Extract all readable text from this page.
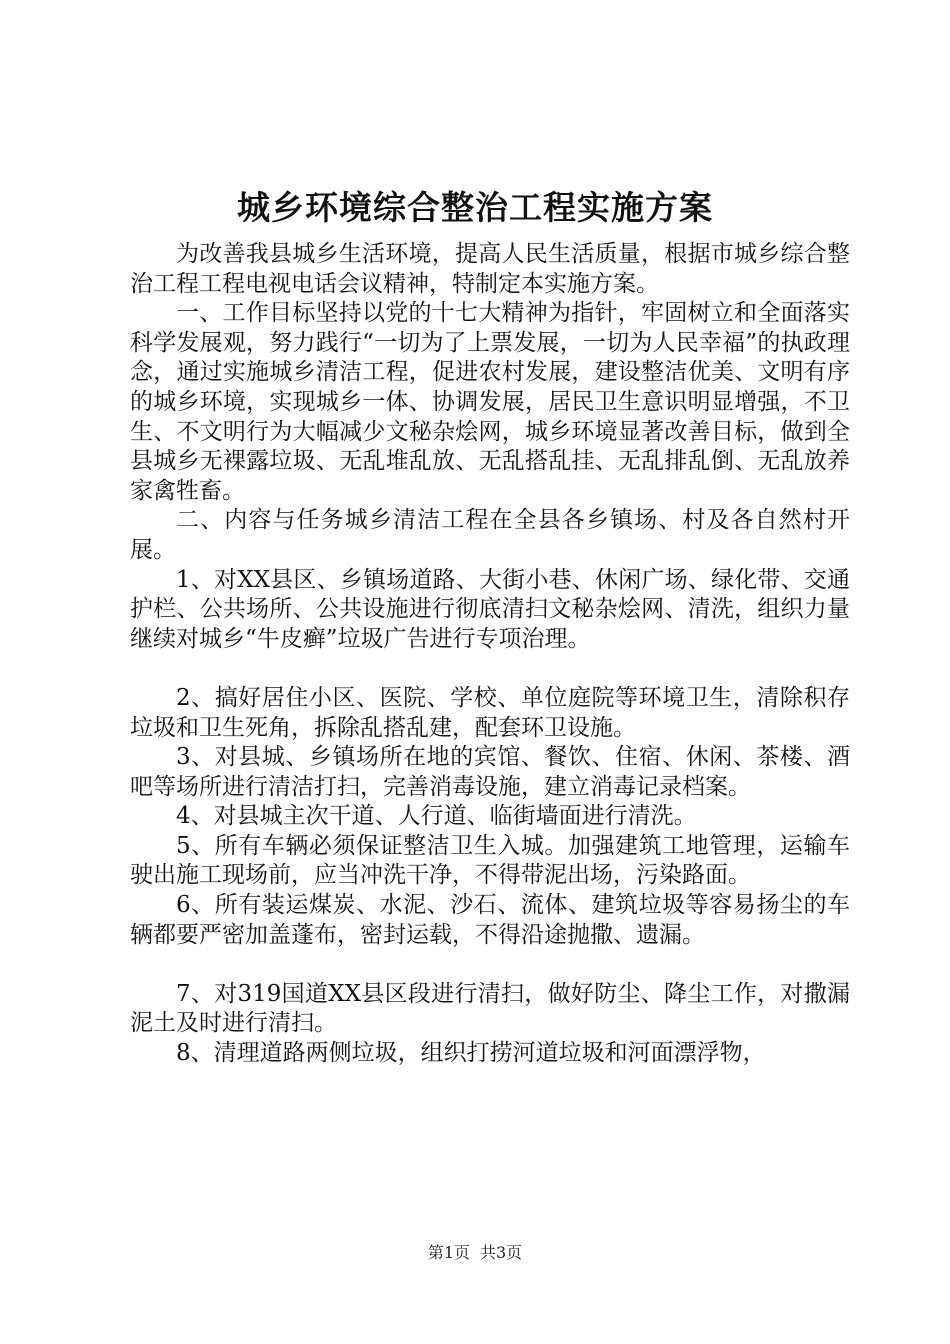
城乡环境综合整治工程实施方案

为改善我县城乡生活环境，提高人民生活质量，根据市城乡综合整治工程工程电视电话会议精神，特制定本实施方案。

一、工作目标坚持以党的十七大精神为指针，牢固树立和全面落实科学发展观，努力践行“一切为了上票发展，一切为人民幸福”的执政理念，通过实施城乡清洁工程，促进农村发展，建设整洁优美、文明有序的城乡环境，实现城乡一体、协调发展，居民卫生意识明显增强，不卫生、不文明行为大幅减少文秘杂烩网，城乡环境显著改善目标，做到全县城乡无裸露垃圾、无乱堆乱放、无乱搭乱挂、无乱排乱倒、无乱放养家禽牲畜。

二、内容与任务城乡清洁工程在全县各乡镇场、村及各自然村开展。

1、对XX县区、乡镇场道路、大街小巷、休闲广场、绿化带、交通护栏、公共场所、公共设施进行彻底清扫文秘杂烩网、清洗，组织力量继续对城乡“牛皮癣”垃圾广告进行专项治理。

2、搞好居住小区、医院、学校、单位庭院等环境卫生，清除积存垃圾和卫生死角，拆除乱搭乱建，配套环卫设施。

3、对县城、乡镇场所在地的宾馆、餐饮、住宿、休闲、茶楼、酒吧等场所进行清洁打扫，完善消毒设施，建立消毒记录档案。

4、对县城主次干道、人行道、临街墙面进行清洗。

5、所有车辆必须保证整洁卫生入城。加强建筑工地管理，运输车驶出施工现场前，应当冲洗干净，不得带泥出场，污染路面。

6、所有装运煤炭、水泥、沙石、流体、建筑垃圾等容易扬尘的车辆都要严密加盖蓬布，密封运载，不得沿途抛撒、遗漏。

7、对319国道XX县区段进行清扫，做好防尘、降尘工作，对撒漏泥土及时进行清扫。

8、清理道路两侧垃圾，组织打捞河道垃圾和河面漂浮物，

第1页 共3页
